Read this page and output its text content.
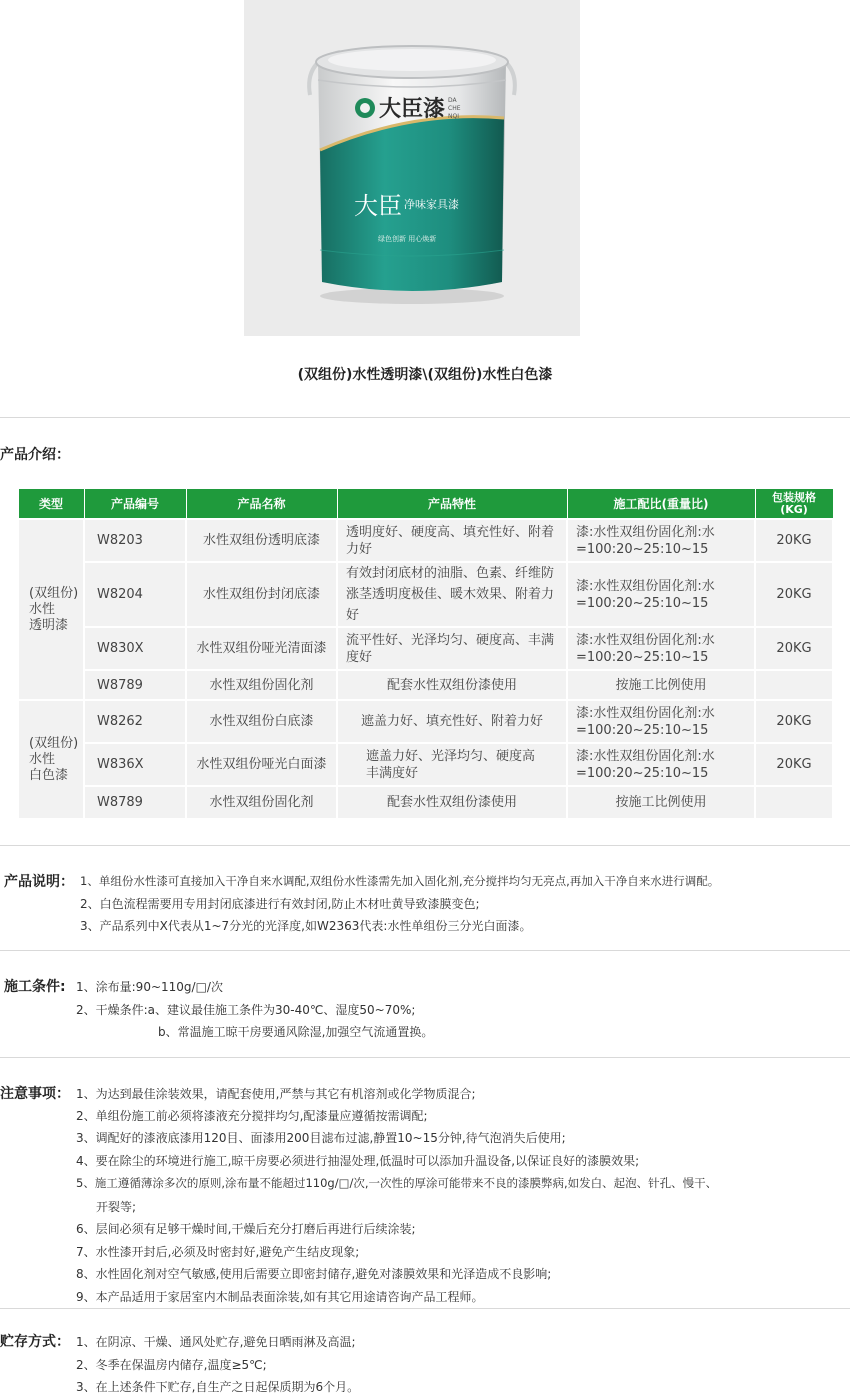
大臣漆 DA
CHE
NQI
大臣 净味家具漆
绿色创新 用心焕新
(双组份)水性透明漆\(双组份)水性白色漆
产品介绍：
类型	产品编号	产品名称	产品特性	施工配比(重量比)	包装规格
(KG)
(双组份)
水性
透明漆	W8203	水性双组份透明底漆	透明度好、硬度高、填充性好、附着力好	漆:水性双组份固化剂:水=100:20~25:10~15	20KG
	W8204	水性双组份封闭底漆	有效封闭底材的油脂、色素、纤维防涨茎透明度极佳、暖木效果、附着力好	漆:水性双组份固化剂:水=100:20~25:10~15	20KG
	W830X	水性双组份哑光清面漆	流平性好、光泽均匀、硬度高、丰满度好	漆:水性双组份固化剂:水=100:20~25:10~15	20KG
	W8789	水性双组份固化剂	配套水性双组份漆使用	按施工比例使用	
(双组份)
水性
白色漆	W8262	水性双组份白底漆	遮盖力好、填充性好、附着力好	漆:水性双组份固化剂:水=100:20~25:10~15	20KG
	W836X	水性双组份哑光白面漆	遮盖力好、光泽均匀、硬度高丰满度好	漆:水性双组份固化剂:水=100:20~25:10~15	20KG
	W8789	水性双组份固化剂	配套水性双组份漆使用	按施工比例使用	
产品说明： 1、单组份水性漆可直接加入干净自来水调配,双组份水性漆需先加入固化剂,充分搅拌均匀无亮点,再加入干净自来水进行调配。
2、白色流程需要用专用封闭底漆进行有效封闭,防止木材吐黄导致漆膜变色;
3、产品系列中X代表从1~7分光的光泽度,如W2363代表:水性单组份三分光白面漆。
施工条件: 1、涂布量:90~110g/□/次
2、干燥条件:a、建议最佳施工条件为30-40℃、湿度50~70%;
b、常温施工晾干房要通风除湿,加强空气流通置换。
注意事项： 1、为达到最佳涂装效果，请配套使用,严禁与其它有机溶剂或化学物质混合;
2、单组份施工前必须将漆液充分搅拌均匀,配漆量应遵循按需调配;
3、调配好的漆液底漆用120目、面漆用200目滤布过滤,静置10~15分钟,待气泡消失后使用;
4、要在除尘的环境进行施工,晾干房要必须进行抽湿处理,低温时可以添加升温设备,以保证良好的漆膜效果;
5、施工遵循薄涂多次的原则,涂布量不能超过110g/□/次,一次性的厚涂可能带来不良的漆膜弊病,如发白、起泡、针孔、慢干、
开裂等;
6、层间必须有足够干燥时间,干燥后充分打磨后再进行后续涂装;
7、水性漆开封后,必须及时密封好,避免产生结皮现象;
8、水性固化剂对空气敏感,使用后需要立即密封储存,避免对漆膜效果和光泽造成不良影响;
9、本产品适用于家居室内木制品表面涂装,如有其它用途请咨询产品工程师。
贮存方式： 1、在阴凉、干燥、通风处贮存,避免日晒雨淋及高温;
2、冬季在保温房内储存,温度≥5℃;
3、在上述条件下贮存,自生产之日起保质期为6个月。
